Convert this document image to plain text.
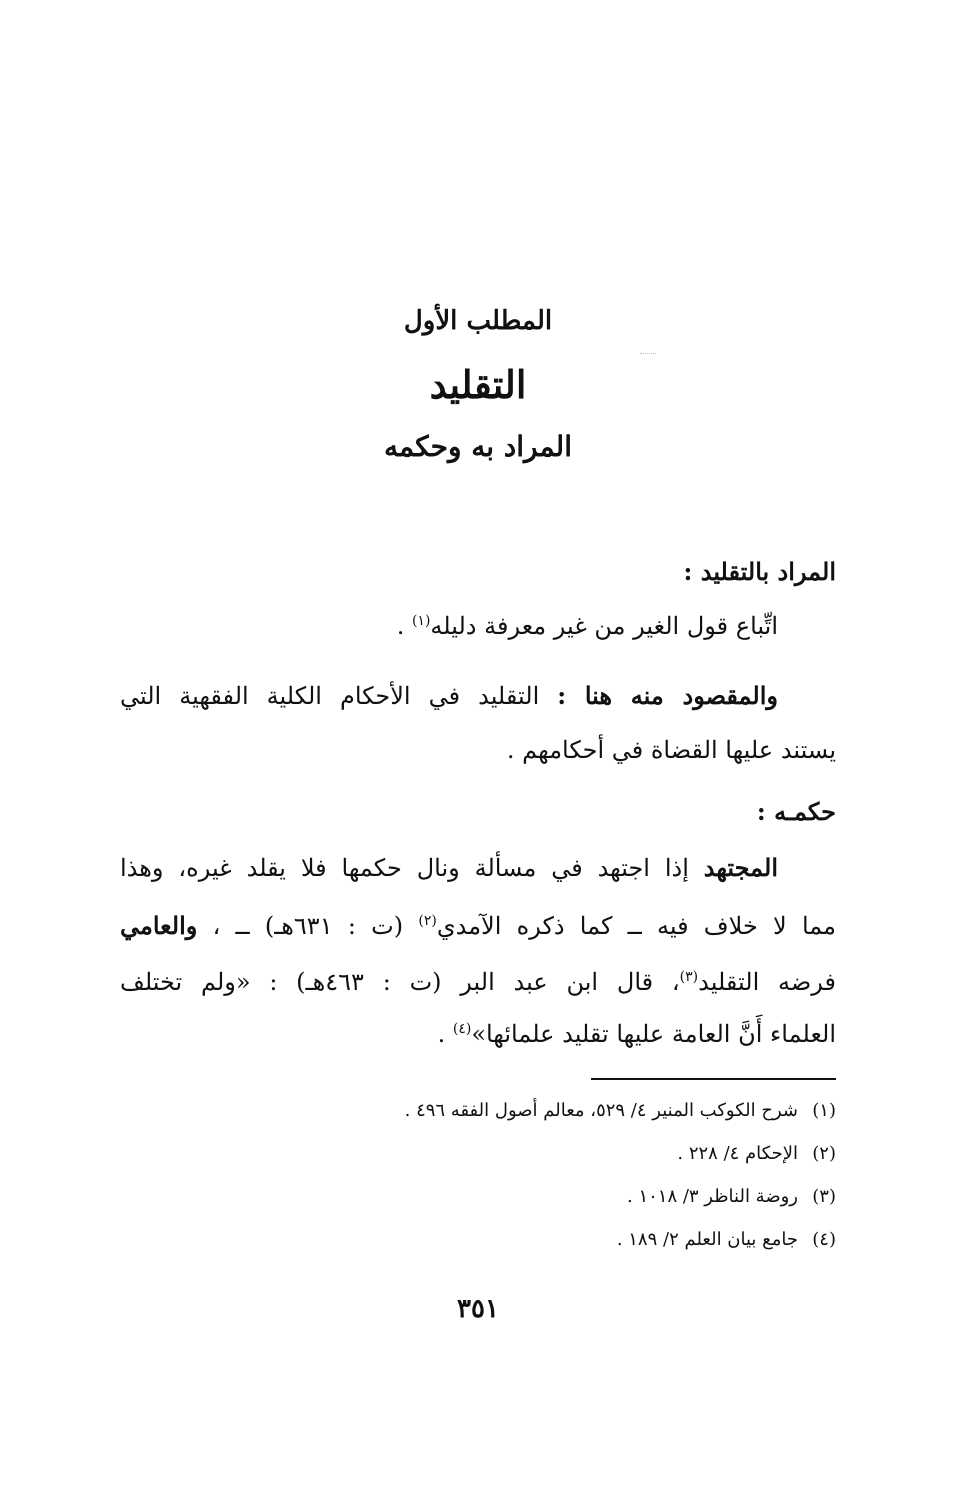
المطلب الأول
التقليد
المراد به وحكمه
المراد بالتقليد :
اتِّباع قول الغير من غير معرفة دليله$^{(١)}$ .
والمقصود منه هنا : التقليد في الأحكام الكلية الفقهية التي
يستند عليها القضاة في أحكامهم .
حكمـه :
المجتهد إذا اجتهد في مسألة ونال حكمها فلا يقلد غيره، وهذا
مما لا خلاف فيه ــ كما ذكره الآمدي$^{(٢)}$ (ت : ٦٣١هـ) ــ ، والعامي
فرضه التقليد$^{(٣)}$، قال ابن عبد البر (ت : ٤٦٣هـ) : «ولم تختلف
العلماء أَنَّ العامة عليها تقليد علمائها»$^{(٤)}$ .
(١)شرح الكوكب المنير ٤/ ٥٢٩، معالم أصول الفقه ٤٩٦ .
(٢)الإحكام ٤/ ٢٢٨ .
(٣)روضة الناظر ٣/ ١٠١٨ .
(٤)جامع بيان العلم ٢/ ١٨٩ .
٣٥١
